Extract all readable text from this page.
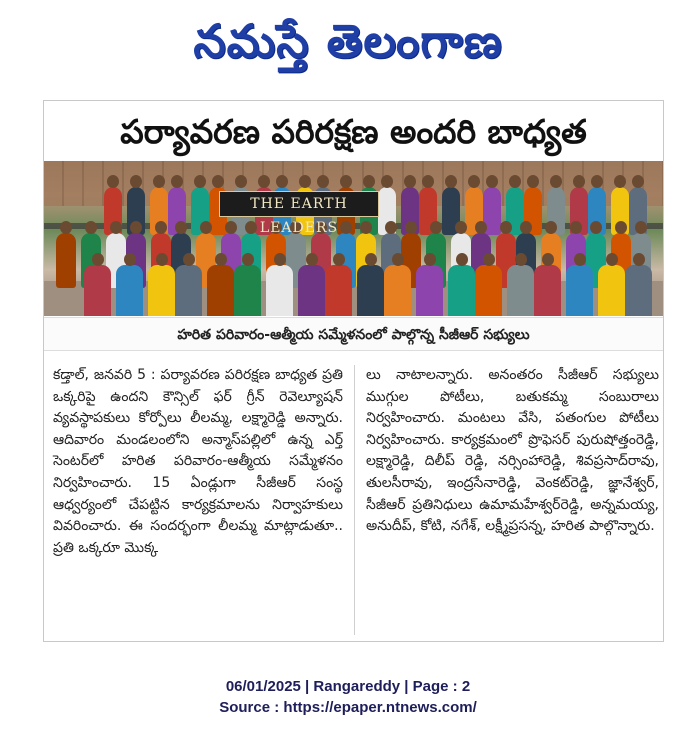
నమస్తే తెలంగాణ
పర్యావరణ పరిరక్షణ అందరి బాధ్యత
THE EARTH LEADERS
హరిత పరివారం-ఆత్మీయ సమ్మేళనంలో పాల్గొన్న సీజీఆర్ సభ్యులు

కడ్తాల్, జనవరి 5 : పర్యావరణ పరిరక్షణ బాధ్యత ప్రతి ఒక్కరిపై ఉందని కౌన్సిల్ ఫర్ గ్రీన్ రెవెల్యూషన్ వ్యవస్థాపకులు కోర్పోలు లీలమ్మ, లక్ష్మారెడ్డి అన్నారు. ఆదివారం మండలంలోని అన్మాస్‌పల్లిలో ఉన్న ఎర్త్ సెంటర్‌లో హరిత పరివారం-ఆత్మీయ సమ్మేళనం నిర్వహించారు. 15 ఏండ్లుగా సీజీఆర్ సంస్థ ఆధ్వర్యంలో చేపట్టిన కార్యక్రమాలను నిర్వాహకులు వివరించారు. ఈ సందర్భంగా లీలమ్మ మాట్లాడుతూ.. ప్రతి ఒక్కరూ మొక్క

లు నాటాలన్నారు. అనంతరం సీజీఆర్ సభ్యులు ముగ్గుల పోటీలు, బతుకమ్మ సంబురాలు నిర్వహించారు. మంటలు వేసి, పతంగుల పోటీలు నిర్వహించారు. కార్యక్రమంలో ప్రొఫెసర్ పురుషోత్తంరెడ్డి, లక్ష్మారెడ్డి, దిలీప్ రెడ్డి, నర్సింహారెడ్డి, శివప్రసాద్‌రావు, తులసీరావు, ఇంద్రసేనారెడ్డి, వెంకట్‌రెడ్డి, జ్ఞానేశ్వర్, సీజీఆర్ ప్రతినిధులు ఉమామహేశ్వర్‌రెడ్డి, అన్నమయ్య, అనుదీప్, కోటి, నగేశ్, లక్ష్మీప్రసన్న, హరిత పాల్గొన్నారు.

06/01/2025 | Rangareddy | Page : 2
Source : https://epaper.ntnews.com/
